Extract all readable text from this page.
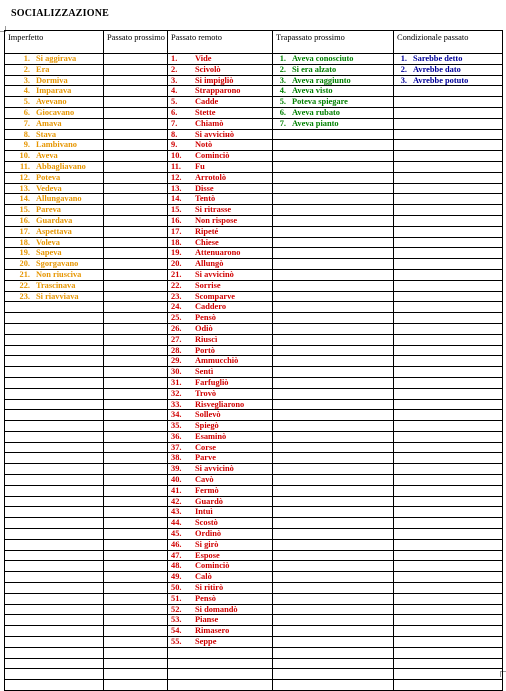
SOCIALIZZAZIONE
Imperfetto	Passato prossimo	Passato remoto	Trapassato prossimo	Condizionale passato
1. Si aggirava		1. Vide	1. Aveva conosciuto	1. Sarebbe detto
2. Era		2. Scivolò	2. Si era alzato	2. Avrebbe dato
3. Dormiva		3. Si impigliò	3. Aveva raggiunto	3. Avrebbe potuto
4. Imparava		4. Strapparono	4. Aveva visto	
5. Avevano		5. Cadde	5. Poteva spiegare	
6. Giocavano		6. Stette	6. Aveva rubato	
7. Amava		7. Chiamò	7. Aveva pianto	
8. Stava		8. Si avviciнò		
9. Lambivano		9. Notò		
10. Aveva		10. Cominciò		
11. Abbagliavano		11. Fu		
12. Poteva		12. Arrotolò		
13. Vedeva		13. Disse		
14. Allungavano		14. Tentò		
15. Pareva		15. Si ritrasse		
16. Guardava		16. Non rispose		
17. Aspettava		17. Ripeté		
18. Voleva		18. Chiese		
19. Sapeva		19. Attenuarono		
20. Sgorgavano		20. Allungò		
21. Non riusciva		21. Si avvicinò		
22. Trascinava		22. Sorrise		
23. Si riavviava		23. Scomparve		
		24. Caddero		
		25. Pensò		
		26. Odiò		
		27. Riuscì		
		28. Portò		
		29. Ammucchiò		
		30. Sentì		
		31. Farfugliò		
		32. Trovò		
		33. Risvegliarono		
		34. Sollevò		
		35. Spiegò		
		36. Esaminò		
		37. Corse		
		38. Parve		
		39. Si avvicinò		
		40. Cavò		
		41. Fermò		
		42. Guardò		
		43. Intuì		
		44. Scostò		
		45. Ordinò		
		46. Si girò		
		47. Espose		
		48. Cominciò		
		49. Calò		
		50. Si ritirò		
		51. Pensò		
		52. Si domandò		
		53. Pianse		
		54. Rimasero		
		55. Seppe		
